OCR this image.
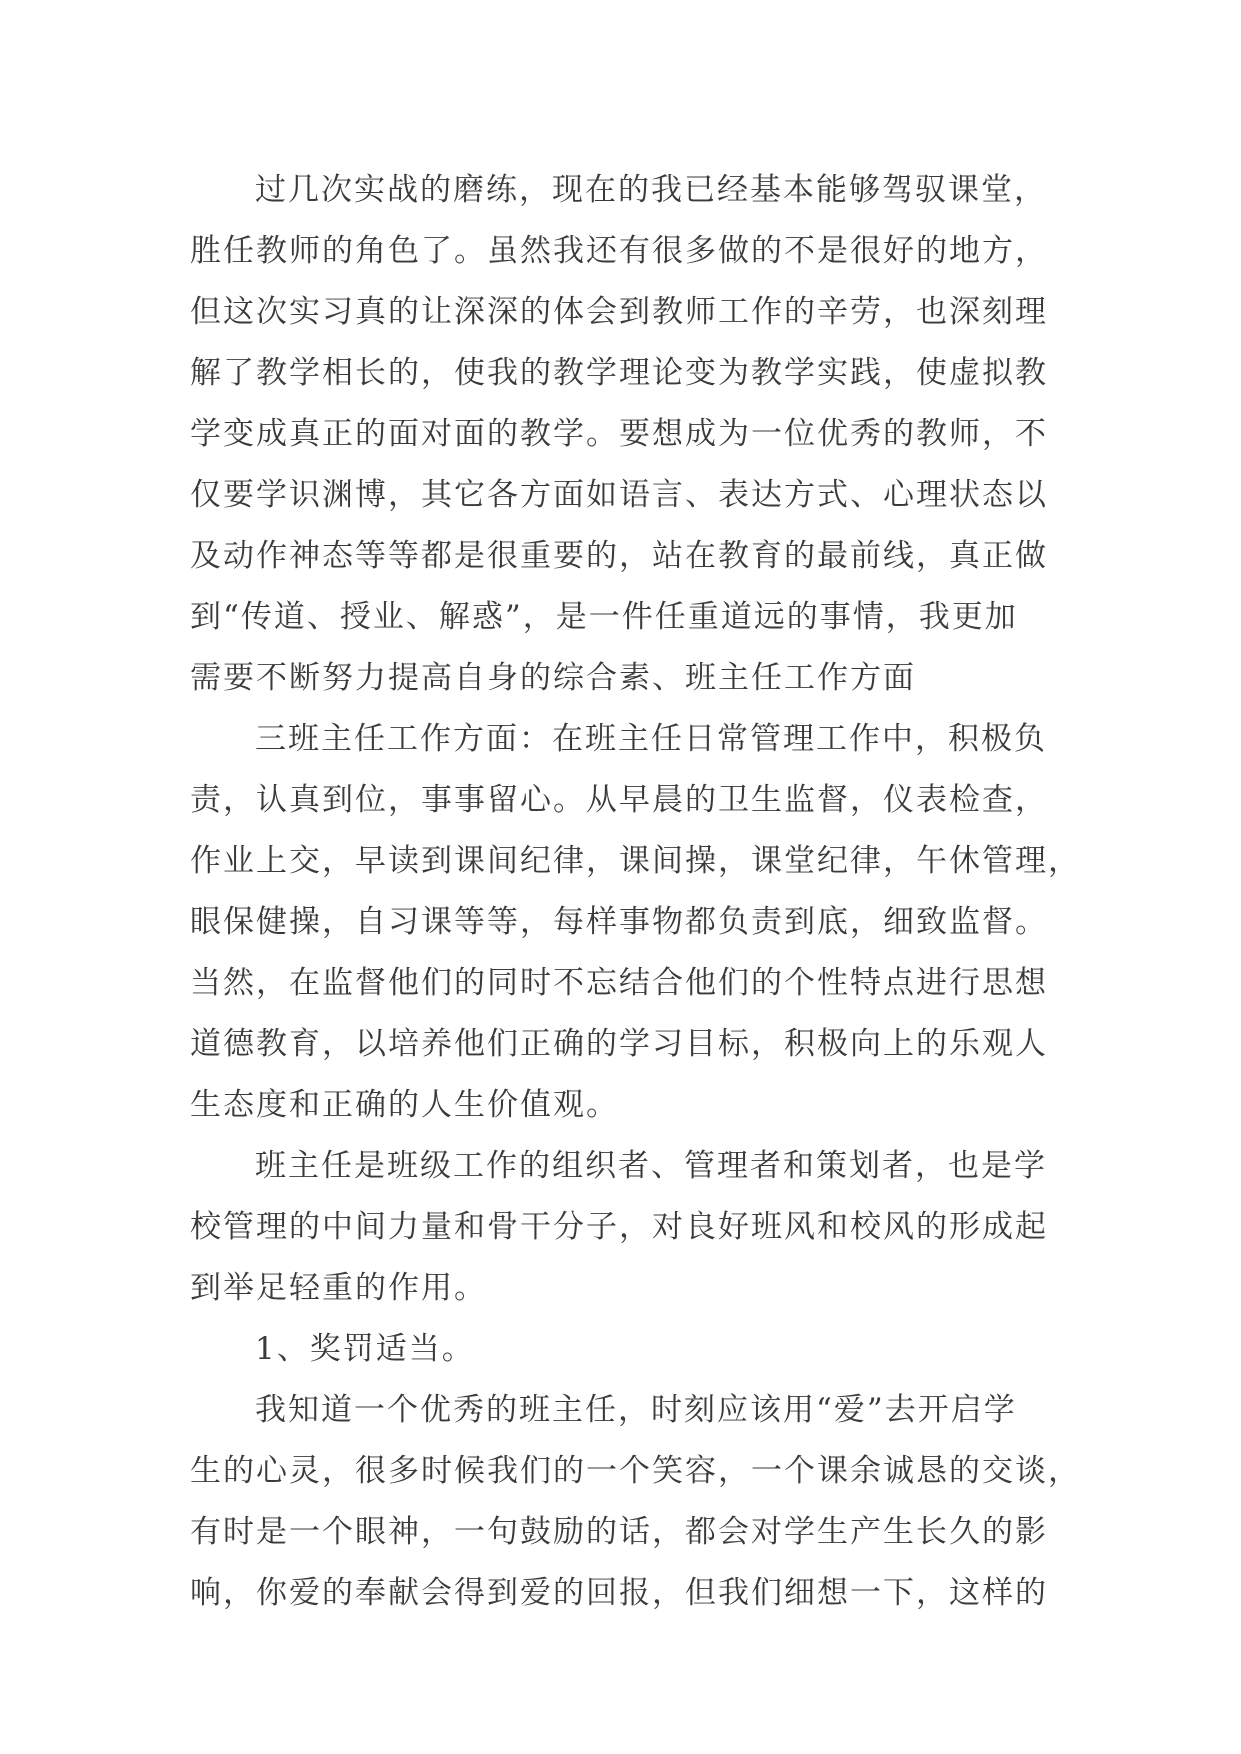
过几次实战的磨练，现在的我已经基本能够驾驭课堂，
胜任教师的角色了。虽然我还有很多做的不是很好的地方，
但这次实习真的让深深的体会到教师工作的辛劳，也深刻理
解了教学相长的，使我的教学理论变为教学实践，使虚拟教
学变成真正的面对面的教学。要想成为一位优秀的教师，不
仅要学识渊博，其它各方面如语言、表达方式、心理状态以
及动作神态等等都是很重要的，站在教育的最前线，真正做
到“传道、授业、解惑”，是一件任重道远的事情，我更加
需要不断努力提高自身的综合素、班主任工作方面
三班主任工作方面：在班主任日常管理工作中，积极负
责，认真到位，事事留心。从早晨的卫生监督，仪表检查，
作业上交，早读到课间纪律，课间操，课堂纪律，午休管理，
眼保健操，自习课等等，每样事物都负责到底，细致监督。
当然，在监督他们的同时不忘结合他们的个性特点进行思想
道德教育，以培养他们正确的学习目标，积极向上的乐观人
生态度和正确的人生价值观。
班主任是班级工作的组织者、管理者和策划者，也是学
校管理的中间力量和骨干分子，对良好班风和校风的形成起
到举足轻重的作用。
1、奖罚适当。
我知道一个优秀的班主任，时刻应该用“爱”去开启学
生的心灵，很多时候我们的一个笑容，一个课余诚恳的交谈，
有时是一个眼神，一句鼓励的话，都会对学生产生长久的影
响，你爱的奉献会得到爱的回报，但我们细想一下，这样的
